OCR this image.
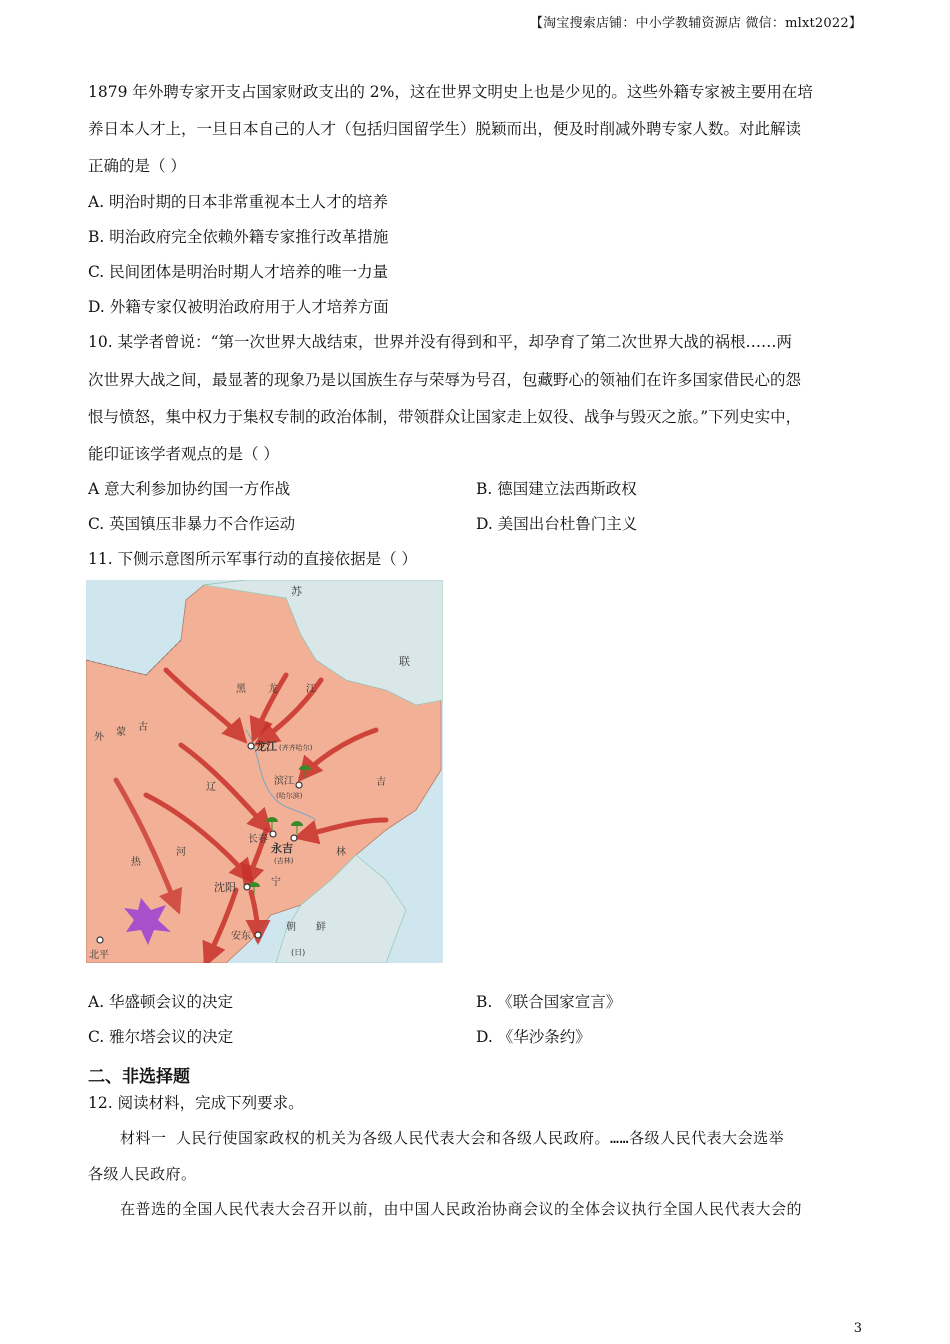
【淘宝搜索店铺：中小学教辅资源店 微信：mlxt2022】
1879 年外聘专家开支占国家财政支出的 2%，这在世界文明史上也是少见的。这些外籍专家被主要用在培
养日本人才上，一旦日本自己的人才（包括归国留学生）脱颖而出，便及时削减外聘专家人数。对此解读
正确的是（ ）
A. 明治时期的日本非常重视本土人才的培养
B. 明治政府完全依赖外籍专家推行改革措施
C. 民间团体是明治时期人才培养的唯一力量
D. 外籍专家仅被明治政府用于人才培养方面
10. 某学者曾说：“第一次世界大战结束，世界并没有得到和平，却孕育了第二次世界大战的祸根……两
次世界大战之间，最显著的现象乃是以国族生存与荣辱为号召，包藏野心的领袖们在许多国家借民心的怨
恨与愤怒，集中权力于集权专制的政治体制，带领群众让国家走上奴役、战争与毁灭之旅。”下列史实中，
能印证该学者观点的是（ ）
A 意大利参加协约国一方作战	B. 德国建立法西斯政权
C. 英国镇压非暴力不合作运动	D. 美国出台杜鲁门主义
11. 下侧示意图所示军事行动的直接依据是（ ）
苏
联
黑 龙	江
外 蒙 古
辽	吉
林
热
河
宁
朝 鲜
龙江 (齐齐哈尔)
滨江
(哈尔滨)
长春
永吉
(吉林)
沈阳
安东
(日)
北平
A. 华盛顿会议的决定	B. 《联合国家宣言》
C. 雅尔塔会议的决定	D. 《华沙条约》
二、非选择题
12. 阅读材料，完成下列要求。
材料一 人民行使国家政权的机关为各级人民代表大会和各级人民政府。……各级人民代表大会选举
各级人民政府。
在普选的全国人民代表大会召开以前，由中国人民政治协商会议的全体会议执行全国人民代表大会的
3
